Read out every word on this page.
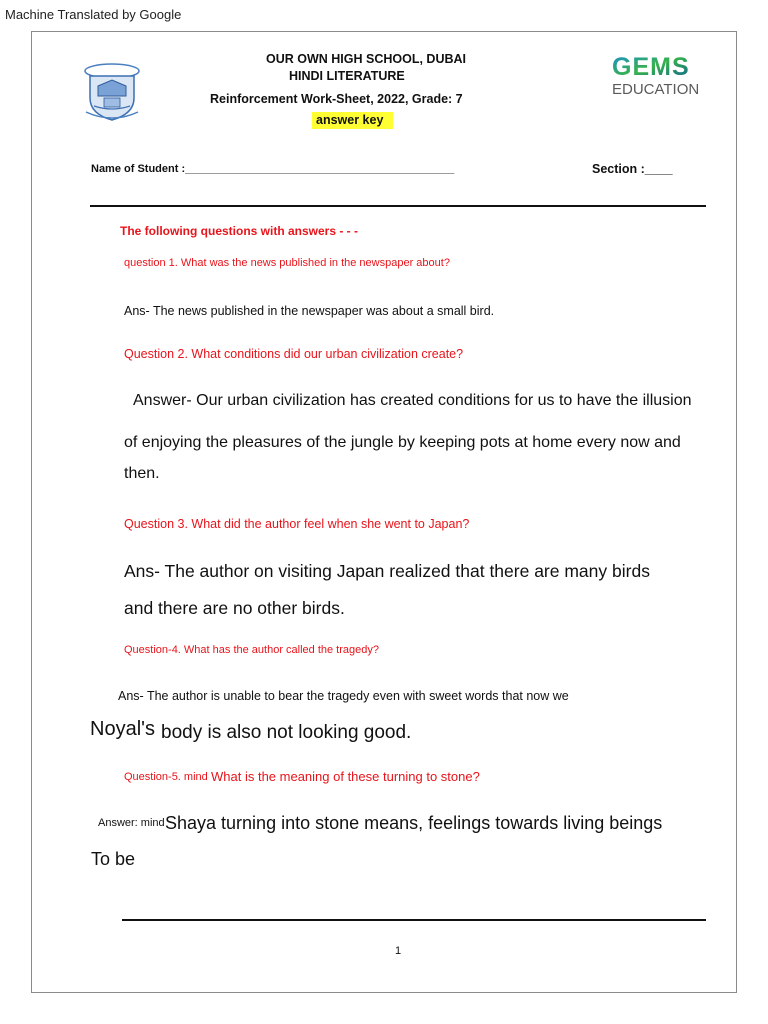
Machine Translated by Google
GEMS
EDUCATION
OUR OWN HIGH SCHOOL, DUBAI
HINDI LITERATURE
Reinforcement Work-Sheet, 2022, Grade: 7
answer key
Name of Student :____________________________________________	Section :____
The following questions with answers - - -
question 1. What was the news published in the newspaper about?
Ans- The news published in the newspaper was about a small bird.
Question 2. What conditions did our urban civilization create?
Answer- Our urban civilization has created conditions for us to have the illusion
of enjoying the pleasures of the jungle by keeping pots at home every now and
then.
Question 3. What did the author feel when she went to Japan?
Ans- The author on visiting Japan realized that there are many birds
and there are no other birds.
Question-4. What has the author called the tragedy?
Ans- The author is unable to bear the tragedy even with sweet words that now we
Noyal's body is also not looking good.
Question-5. mind What is the meaning of these turning to stone?
Answer: mind Shaya turning into stone means, feelings towards living beings
To be
1
